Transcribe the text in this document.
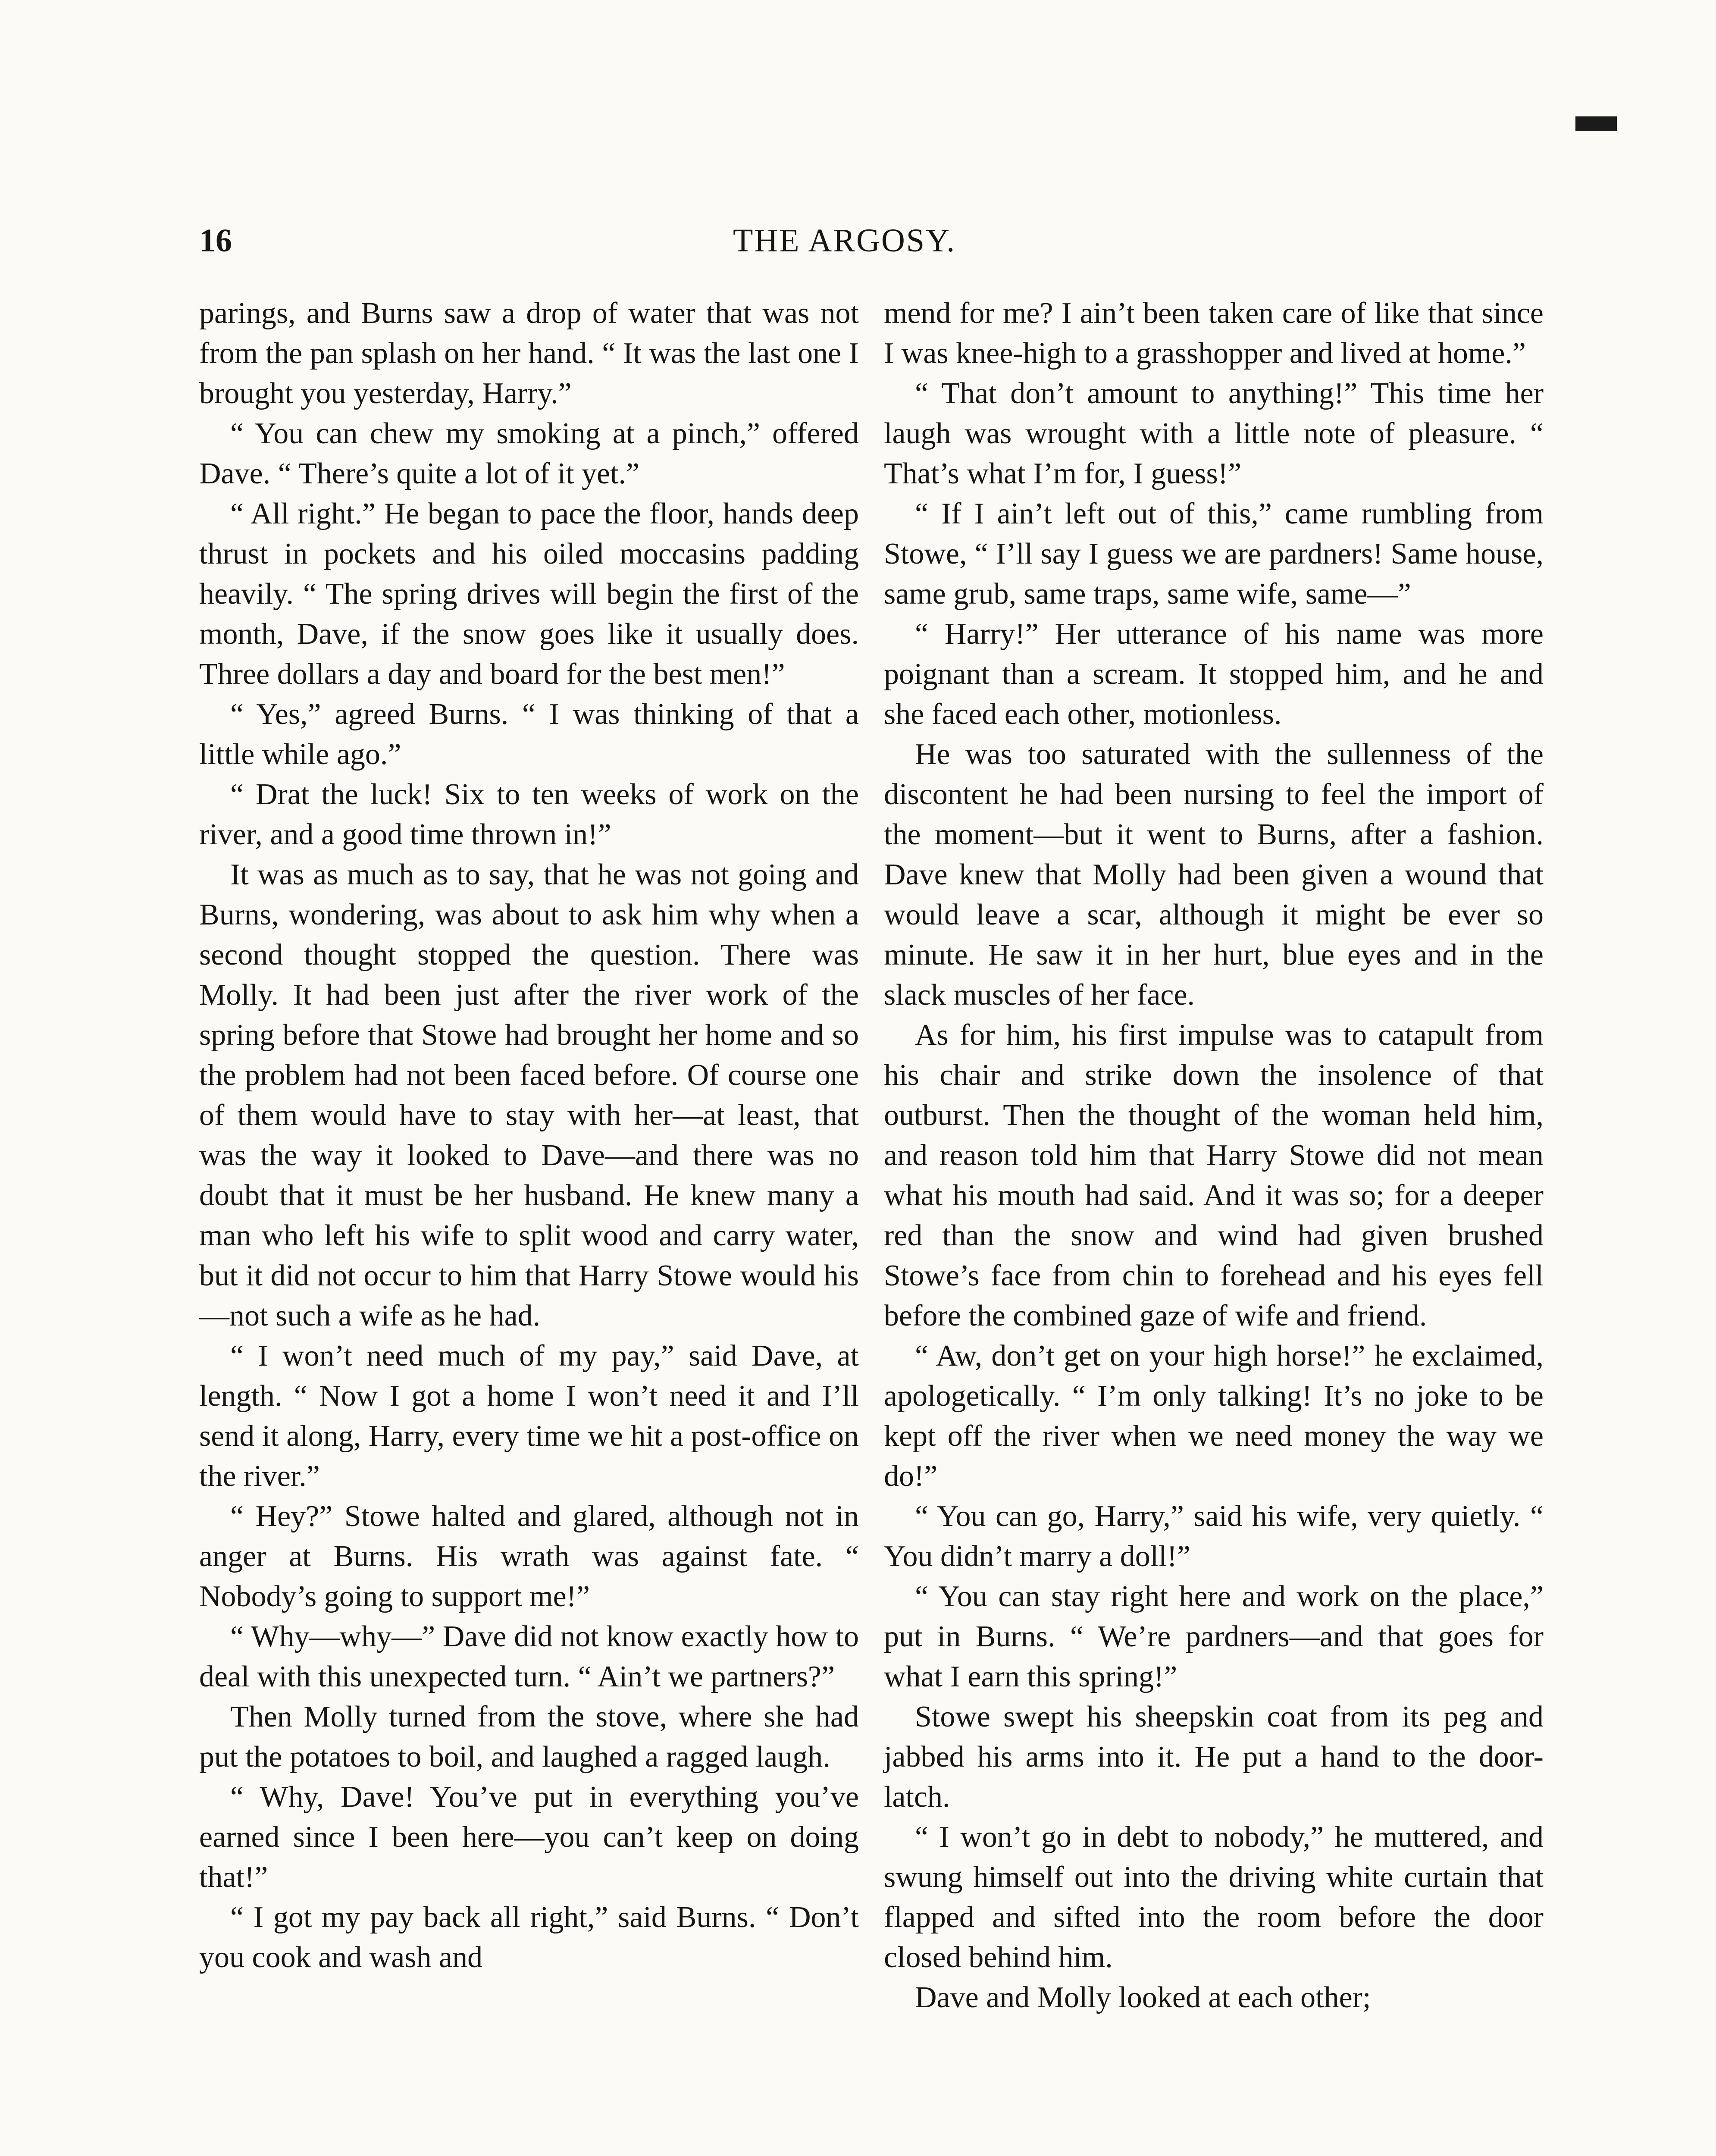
16	THE ARGOSY.

parings, and Burns saw a drop of water that was not from the pan splash on her hand. “ It was the last one I brought you yesterday, Harry.”

“ You can chew my smoking at a pinch,” offered Dave. “ There’s quite a lot of it yet.”

“ All right.” He began to pace the floor, hands deep thrust in pockets and his oiled moccasins padding heavily. “ The spring drives will begin the first of the month, Dave, if the snow goes like it usually does. Three dollars a day and board for the best men!”

“ Yes,” agreed Burns. “ I was thinking of that a little while ago.”

“ Drat the luck! Six to ten weeks of work on the river, and a good time thrown in!”

It was as much as to say, that he was not going and Burns, wondering, was about to ask him why when a second thought stopped the question. There was Molly. It had been just after the river work of the spring before that Stowe had brought her home and so the problem had not been faced before. Of course one of them would have to stay with her—at least, that was the way it looked to Dave—and there was no doubt that it must be her husband. He knew many a man who left his wife to split wood and carry water, but it did not occur to him that Harry Stowe would his—not such a wife as he had.

“ I won’t need much of my pay,” said Dave, at length. “ Now I got a home I won’t need it and I’ll send it along, Harry, every time we hit a post-office on the river.”

“ Hey?” Stowe halted and glared, although not in anger at Burns. His wrath was against fate. “ Nobody’s going to support me!”

“ Why—why—” Dave did not know exactly how to deal with this unexpected turn. “ Ain’t we partners?”

Then Molly turned from the stove, where she had put the potatoes to boil, and laughed a ragged laugh.

“ Why, Dave! You’ve put in everything you’ve earned since I been here—you can’t keep on doing that!”

“ I got my pay back all right,” said Burns. “ Don’t you cook and wash and

mend for me? I ain’t been taken care of like that since I was knee-high to a grasshopper and lived at home.”

“ That don’t amount to anything!” This time her laugh was wrought with a little note of pleasure. “ That’s what I’m for, I guess!”

“ If I ain’t left out of this,” came rumbling from Stowe, “ I’ll say I guess we are pardners! Same house, same grub, same traps, same wife, same—”

“ Harry!” Her utterance of his name was more poignant than a scream. It stopped him, and he and she faced each other, motionless.

He was too saturated with the sullenness of the discontent he had been nursing to feel the import of the moment—but it went to Burns, after a fashion. Dave knew that Molly had been given a wound that would leave a scar, although it might be ever so minute. He saw it in her hurt, blue eyes and in the slack muscles of her face.

As for him, his first impulse was to catapult from his chair and strike down the insolence of that outburst. Then the thought of the woman held him, and reason told him that Harry Stowe did not mean what his mouth had said. And it was so; for a deeper red than the snow and wind had given brushed Stowe’s face from chin to forehead and his eyes fell before the combined gaze of wife and friend.

“ Aw, don’t get on your high horse!” he exclaimed, apologetically. “ I’m only talking! It’s no joke to be kept off the river when we need money the way we do!”

“ You can go, Harry,” said his wife, very quietly. “ You didn’t marry a doll!”

“ You can stay right here and work on the place,” put in Burns. “ We’re pardners—and that goes for what I earn this spring!”

Stowe swept his sheepskin coat from its peg and jabbed his arms into it. He put a hand to the door-latch.

“ I won’t go in debt to nobody,” he muttered, and swung himself out into the driving white curtain that flapped and sifted into the room before the door closed behind him.

Dave and Molly looked at each other;
